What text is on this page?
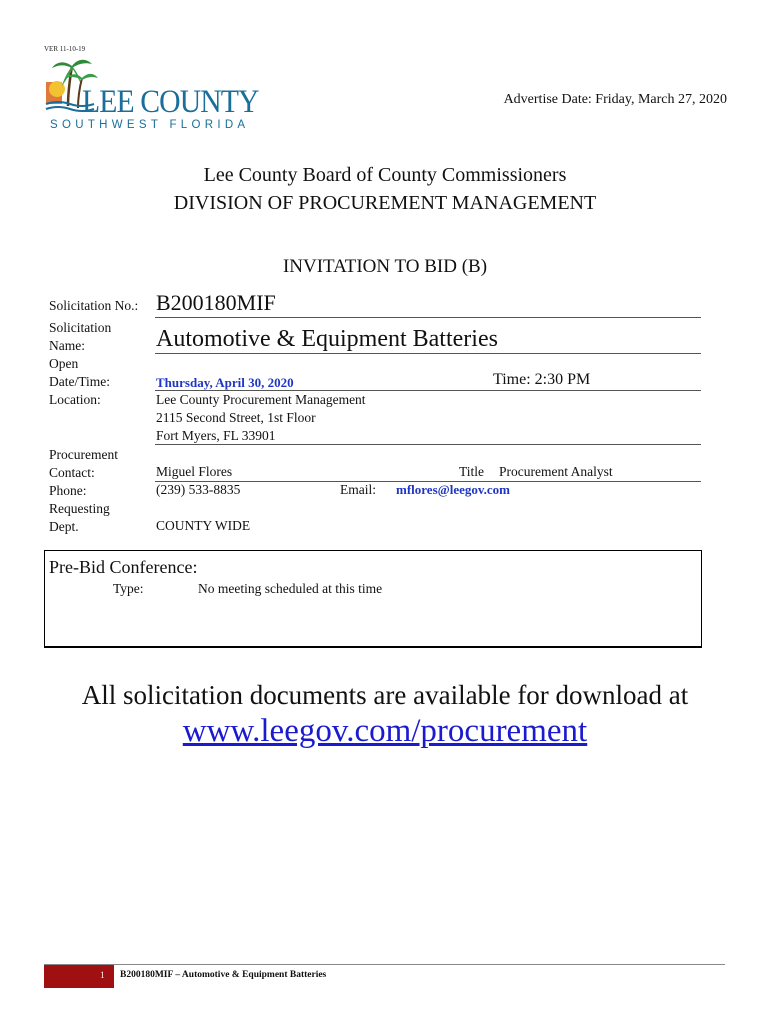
VER 11-10-19
LEE COUNTY
SOUTHWEST FLORIDA
Advertise Date: Friday, March 27, 2020
Lee County Board of County Commissioners
DIVISION OF PROCUREMENT MANAGEMENT
INVITATION TO BID (B)
Solicitation No.: B200180MIF
Solicitation
Name:	Automotive & Equipment Batteries
Open
Date/Time:	Thursday, April 30, 2020	Time: 2:30 PM
Location:	Lee County Procurement Management
2115 Second Street, 1st Floor
Fort Myers, FL 33901
Procurement
Contact:	Miguel Flores	Title Procurement Analyst
Phone:	(239) 533-8835	Email: mflores@leegov.com
Requesting
Dept.	COUNTY WIDE
Pre-Bid Conference:
Type:	No meeting scheduled at this time
All solicitation documents are available for download at
www.leegov.com/procurement
1 B200180MIF – Automotive & Equipment Batteries
